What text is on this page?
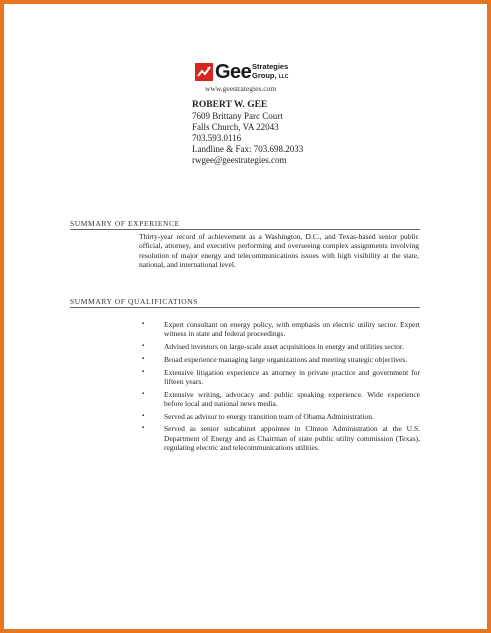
Gee Strategies
Group, LLC
www.geestrategies.com
ROBERT W. GEE
7609 Brittany Parc Court
Falls Church, VA 22043
703.593.0116
Landline & Fax: 703.698.2033
rwgee@geestrategies.com
SUMMARY OF EXPERIENCE
Thirty-year record of achievement as a Washington, D.C., and Texas-based senior public official, attorney, and executive performing and overseeing complex assignments involving resolution of major energy and telecommunications issues with high visibility at the state, national, and international level.
SUMMARY OF QUALIFICATIONS
▪	Expert consultant on energy policy, with emphasis on electric utility sector. Expert witness in state and federal proceedings.
▪	Advised investors on large-scale asset acquisitions in energy and utilities sector.
▪	Broad experience managing large organizations and meeting strategic objectives.
▪	Extensive litigation experience as attorney in private practice and government for fifteen years.
▪	Extensive writing, advocacy and public speaking experience. Wide experience before local and national news media.
▪	Served as advisor to energy transition team of Obama Administration.
▪	Served as senior subcabinet appointee in Clinton Administration at the U.S. Department of Energy and as Chairman of state public utility commission (Texas), regulating electric and telecommunications utilities.
